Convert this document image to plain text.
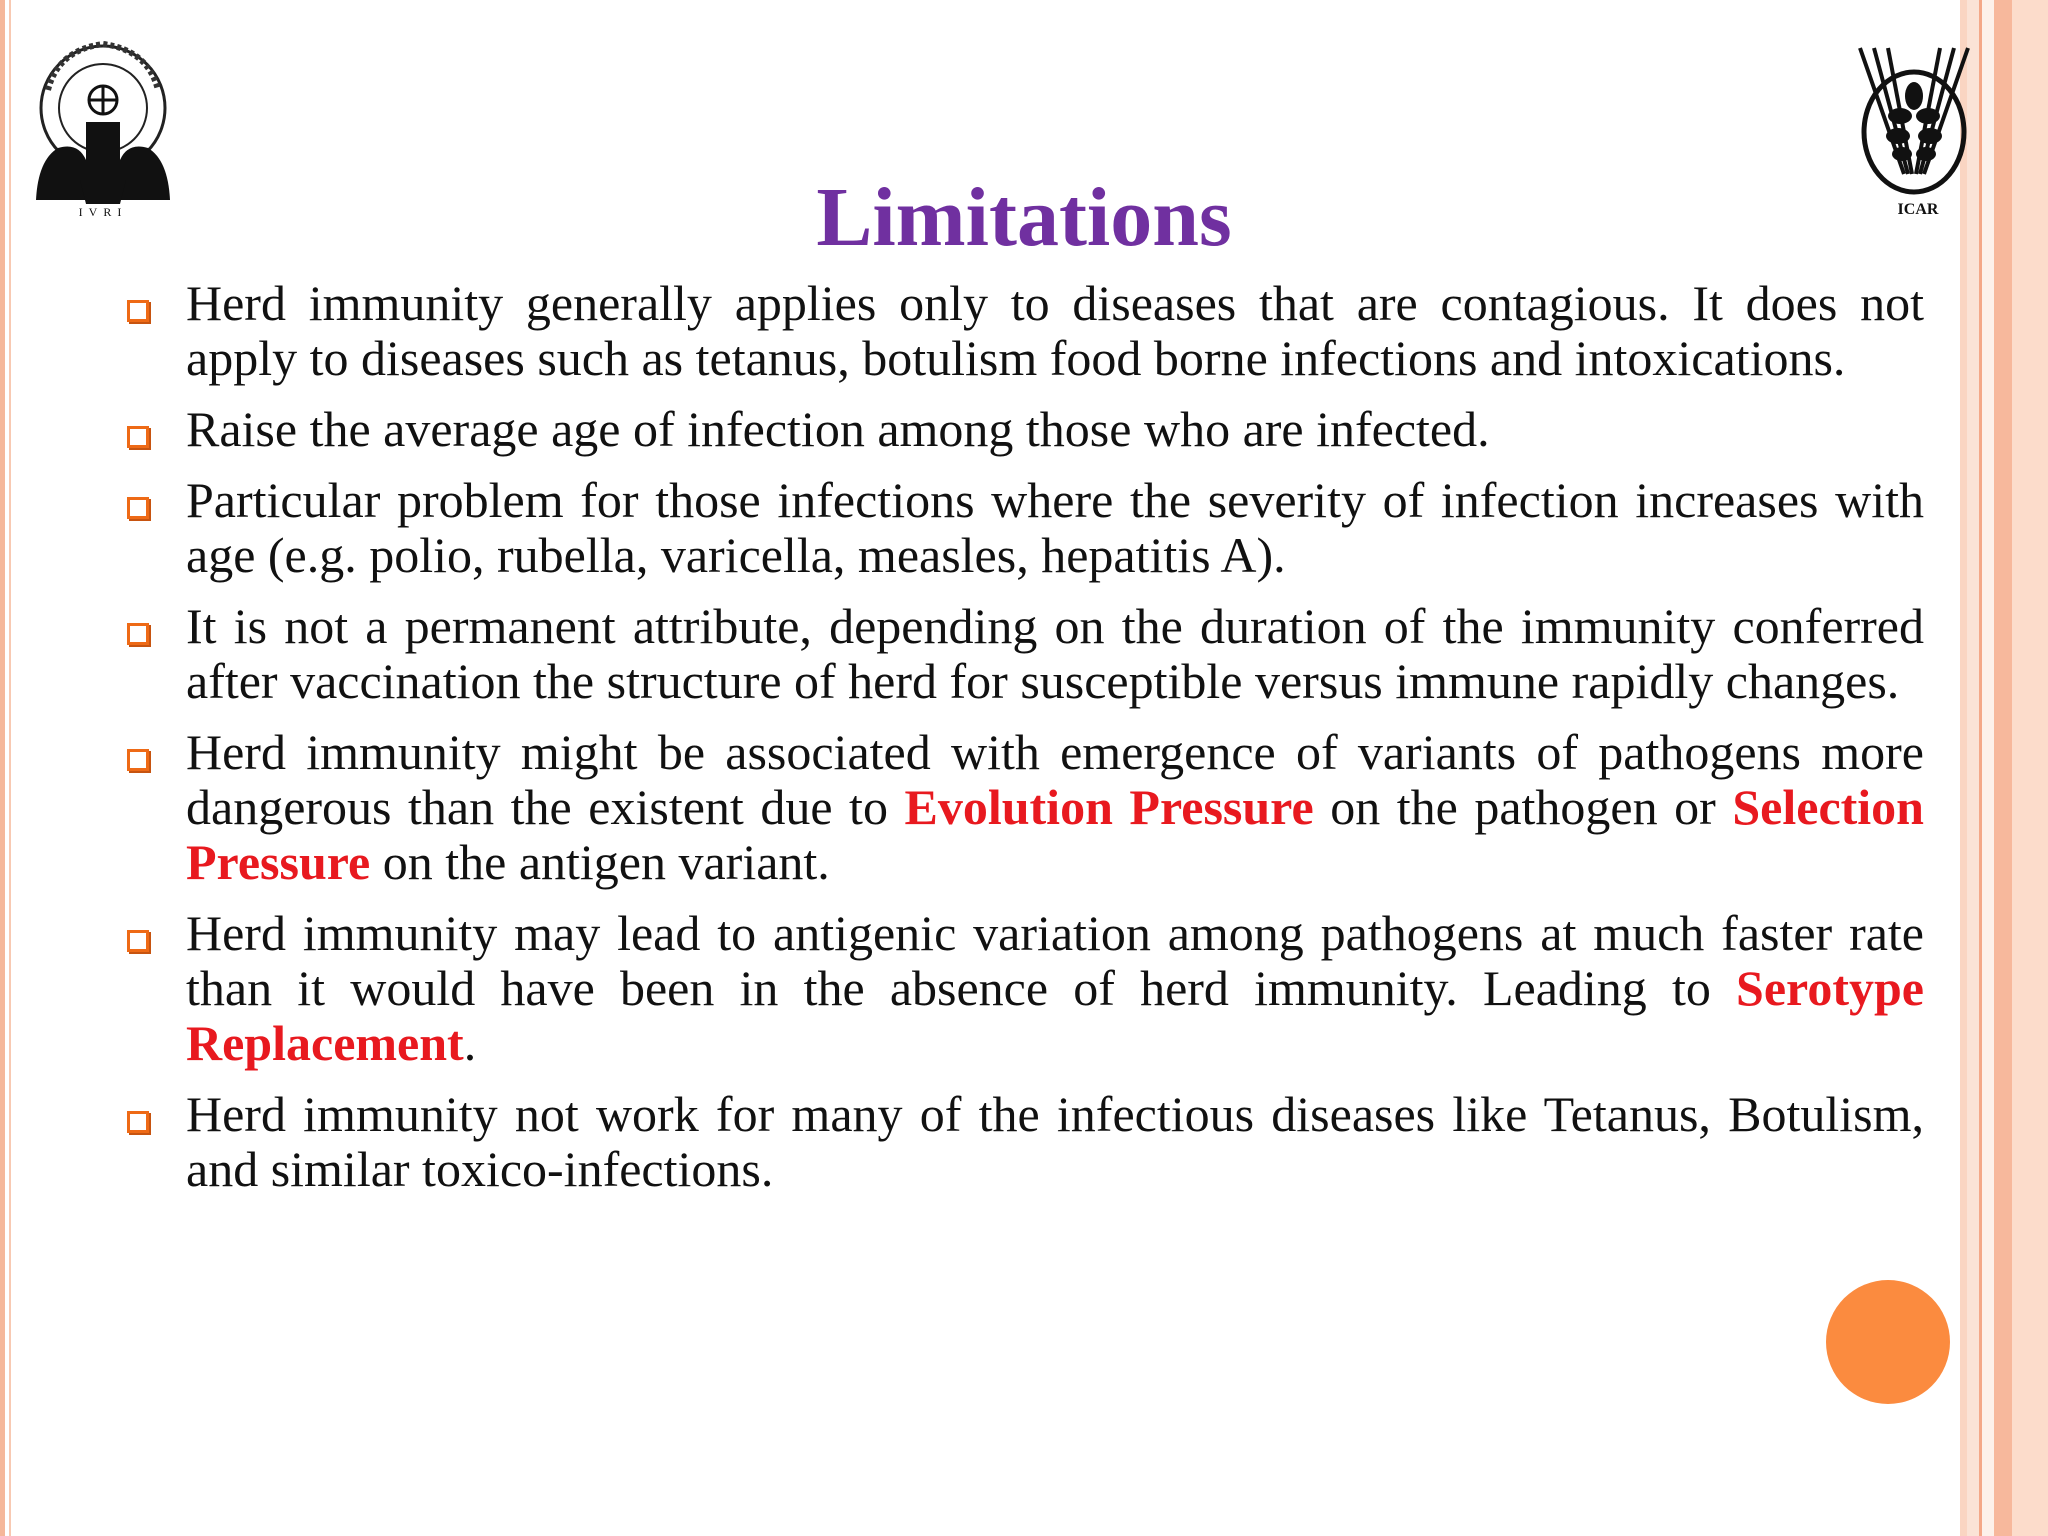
IVRI	ICAR
Limitations
Herd immunity generally applies only to diseases that are contagious. It does not apply to diseases such as tetanus, botulism food borne infections and intoxications.
Raise the average age of infection among those who are infected.
Particular problem for those infections where the severity of infection increases with age (e.g. polio, rubella, varicella, measles, hepatitis A).
It is not a permanent attribute, depending on the duration of the immunity conferred after vaccination the structure of herd for susceptible versus immune rapidly changes.
Herd immunity might be associated with emergence of variants of pathogens more dangerous than the existent due to Evolution Pressure on the pathogen or Selection Pressure on the antigen variant.
Herd immunity may lead to antigenic variation among pathogens at much faster rate than it would have been in the absence of herd immunity. Leading to Serotype Replacement.
Herd immunity not work for many of the infectious diseases like Tetanus, Botulism, and similar toxico-infections.
